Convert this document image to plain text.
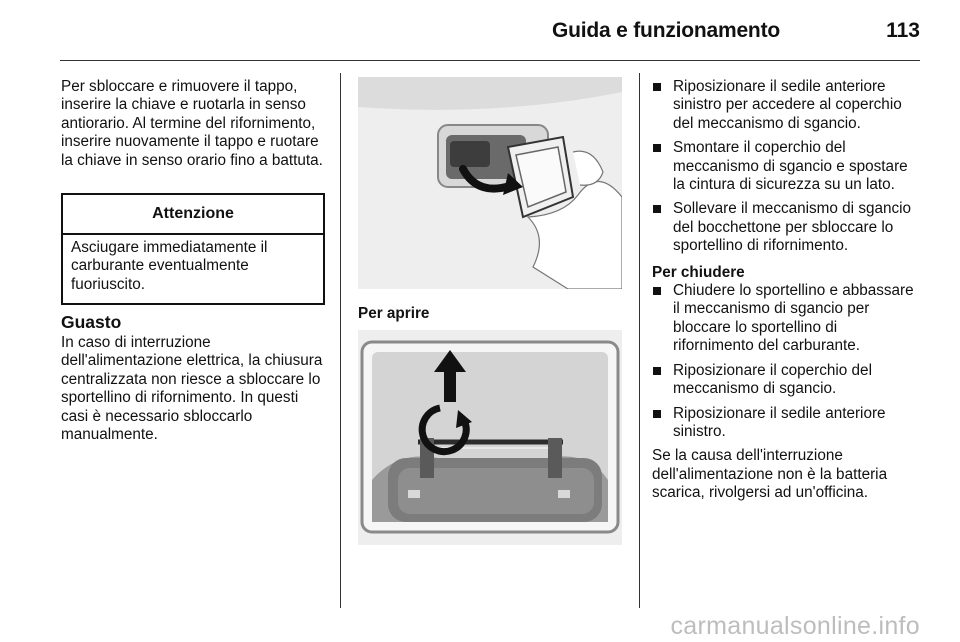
Guida e funzionamento	113

Per sbloccare e rimuovere il tappo, inserire la chiave e ruotarla in senso antiorario. Al termine del rifornimento, inserire nuovamente il tappo e ruotare la chiave in senso orario fino a battuta.

Attenzione
Asciugare immediatamente il carburante eventualmente fuoriuscito.
Guasto

In caso di interruzione dell'alimentazione elettrica, la chiusura centralizzata non riesce a sbloccare lo sportellino di rifornimento. In questi casi è necessario sbloccarlo manualmente.

Per aprire
Riposizionare il sedile anteriore sinistro per accedere al coperchio del meccanismo di sgancio.
Smontare il coperchio del meccanismo di sgancio e spostare la cintura di sicurezza su un lato.
Sollevare il meccanismo di sgancio del bocchettone per sbloccare lo sportellino di rifornimento.
Per chiudere
Chiudere lo sportellino e abbassare il meccanismo di sgancio per bloccare lo sportellino di rifornimento del carburante.
Riposizionare il coperchio del meccanismo di sgancio.
Riposizionare il sedile anteriore sinistro.

Se la causa dell'interruzione dell'alimentazione non è la batteria scarica, rivolgersi ad un'officina.

carmanualsonline.info
